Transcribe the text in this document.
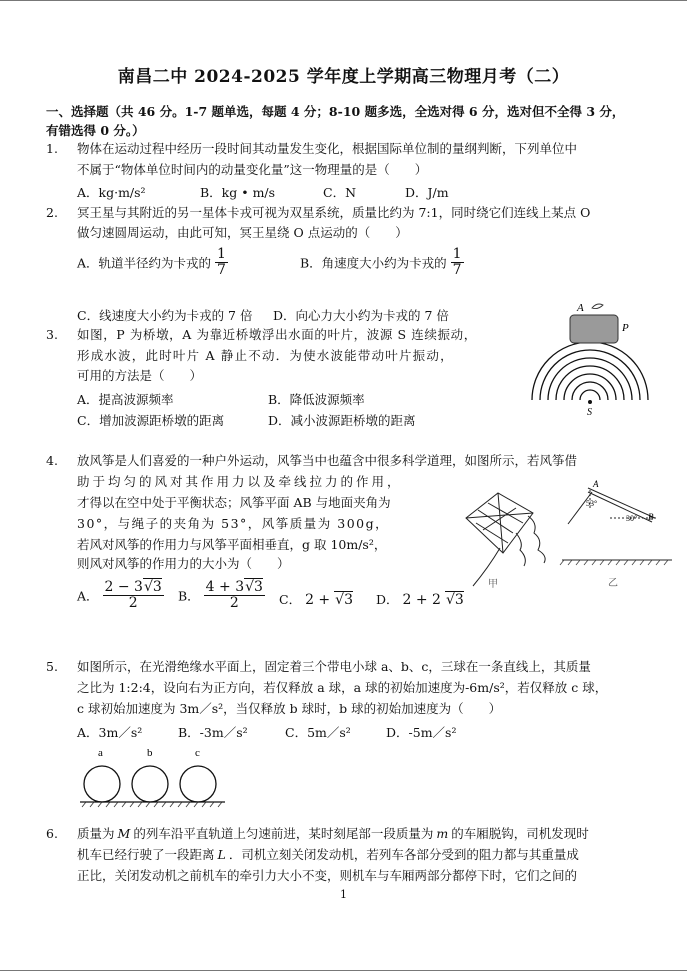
南昌二中 2024-2025 学年度上学期高三物理月考（二）
一、选择题（共 46 分。1-7 题单选，每题 4 分；8-10 题多选，全选对得 6 分，选对但不全得 3 分，
有错选得 0 分。）
1. 物体在运动过程中经历一段时间其动量发生变化，根据国际单位制的量纲判断，下列单位中
不属于“物体单位时间内的动量变化量”这一物理量的是（　　）
A．kg·m/s²	B．kg • m/s	C．N	D．J/m
2. 冥王星与其附近的另一星体卡戎可视为双星系统，质量比约为 7:1，同时绕它们连线上某点 O
做匀速圆周运动，由此可知，冥王星绕 O 点运动的（　　）
A．轨道半径约为卡戎的 $\frac{1}{7}$	B．角速度大小约为卡戎的 $\frac{1}{7}$
C．线速度大小约为卡戎的 7 倍 D．向心力大小约为卡戎的 7 倍
3. 如图，P 为桥墩，A 为靠近桥墩浮出水面的叶片，波源 S 连续振动，
形成水波，此时叶片 A 静止不动．为使水波能带动叶片振动，
可用的方法是（　　）
A．提高波源频率	B．降低波源频率
C．增加波源距桥墩的距离	D．减小波源距桥墩的距离
A
P
S
4. 放风筝是人们喜爱的一种户外运动，风筝当中也蕴含中很多科学道理，如图所示，若风筝借
助于均匀的风对其作用力以及牵线拉力的作用，
才得以在空中处于平衡状态；风筝平面 AB 与地面夹角为
30°，与绳子的夹角为 53°，风筝质量为 300g，
若风对风筝的作用力与风筝平面相垂直，g 取 10m/s²，
则风对风筝的作用力的大小为（　　）
A． $\frac{2 - 3√3}{2}$ B． $\frac{4 + 3√3}{2}$ C． 2 + √3 D． 2 + 2 √3
甲
A
B
53°
30°
乙
5. 如图所示，在光滑绝缘水平面上，固定着三个带电小球 a、b、c，三球在一条直线上，其质量
之比为 1:2:4，设向右为正方向，若仅释放 a 球，a 球的初始加速度为-6m/s²，若仅释放 c 球，
c 球初始加速度为 3m／s²，当仅释放 b 球时，b 球的初始加速度为（　　）
A．3m／s²	B．-3m／s²	C．5m／s²	D．-5m／s²
a	b	c
6. 质量为 M 的列车沿平直轨道上匀速前进，某时刻尾部一段质量为 m 的车厢脱钩，司机发现时
机车已经行驶了一段距离 L ．司机立刻关闭发动机，若列车各部分受到的阻力都与其重量成
正比，关闭发动机之前机车的牵引力大小不变，则机车与车厢两部分都停下时，它们之间的
1
